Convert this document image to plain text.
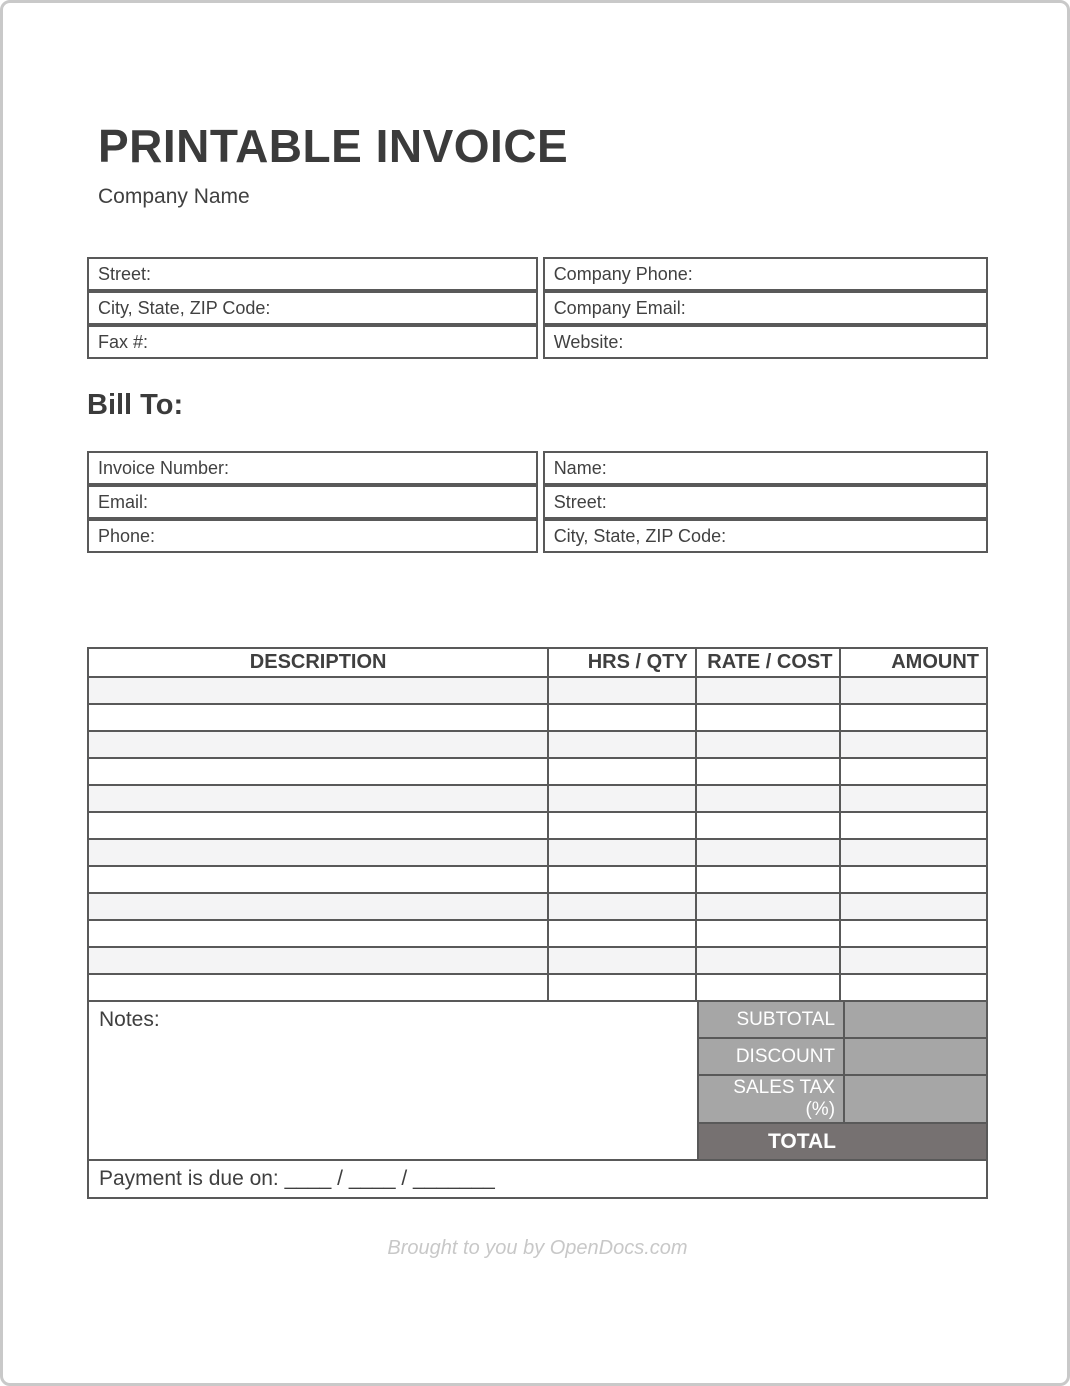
PRINTABLE INVOICE
Company Name
Street:	Company Phone:
City, State, ZIP Code:	Company Email:
Fax #:	Website:
Bill To:
Invoice Number:	Name:
Email:	Street:
Phone:	City, State, ZIP Code:
DESCRIPTION	HRS / QTY	RATE / COST	AMOUNT

Notes:	SUBTOTAL	
	DISCOUNT	
	SALES TAX (%)	
	TOTAL	
Payment is due on: ____ / ____ / _______		
Brought to you by OpenDocs.com
